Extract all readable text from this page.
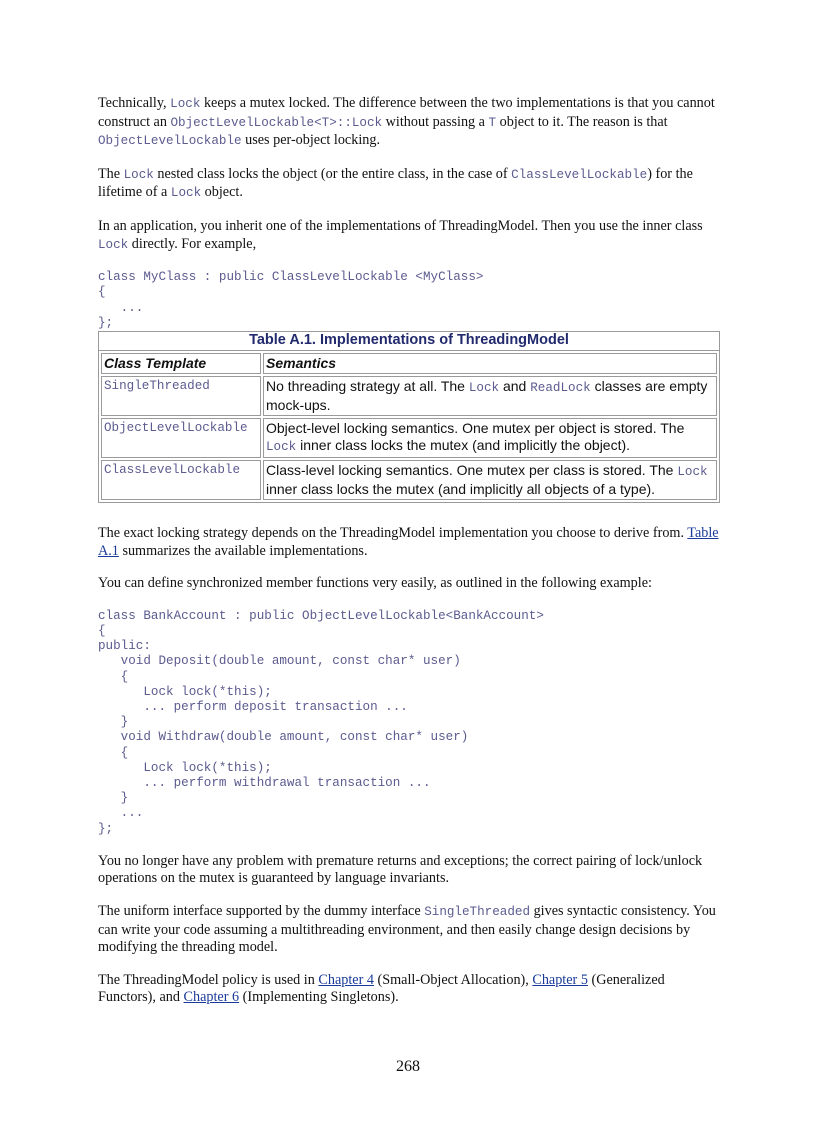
Technically, Lock keeps a mutex locked. The difference between the two implementations is that you cannot construct an ObjectLevelLockable<T>::Lock without passing a T object to it. The reason is that ObjectLevelLockable uses per-object locking.

The Lock nested class locks the object (or the entire class, in the case of ClassLevelLockable) for the lifetime of a Lock object.

In an application, you inherit one of the implementations of ThreadingModel. Then you use the inner class Lock directly. For example,

class MyClass : public ClassLevelLockable <MyClass>
{
...
};
Table A.1. Implementations of ThreadingModel
Class Template	Semantics
SingleThreaded	No threading strategy at all. The Lock and ReadLock classes are empty mock-ups.
ObjectLevelLockable	Object-level locking semantics. One mutex per object is stored. The Lock inner class locks the mutex (and implicitly the object).
ClassLevelLockable	Class-level locking semantics. One mutex per class is stored. The Lock inner class locks the mutex (and implicitly all objects of a type).

The exact locking strategy depends on the ThreadingModel implementation you choose to derive from. Table A.1 summarizes the available implementations.

You can define synchronized member functions very easily, as outlined in the following example:

class BankAccount : public ObjectLevelLockable<BankAccount>
{
public:
void Deposit(double amount, const char* user)
{
Lock lock(*this);
... perform deposit transaction ...
}
void Withdraw(double amount, const char* user)
{
Lock lock(*this);
... perform withdrawal transaction ...
}
...
};

You no longer have any problem with premature returns and exceptions; the correct pairing of lock/unlock operations on the mutex is guaranteed by language invariants.

The uniform interface supported by the dummy interface SingleThreaded gives syntactic consistency. You can write your code assuming a multithreading environment, and then easily change design decisions by modifying the threading model.

The ThreadingModel policy is used in Chapter 4 (Small-Object Allocation), Chapter 5 (Generalized Functors), and Chapter 6 (Implementing Singletons).

268
